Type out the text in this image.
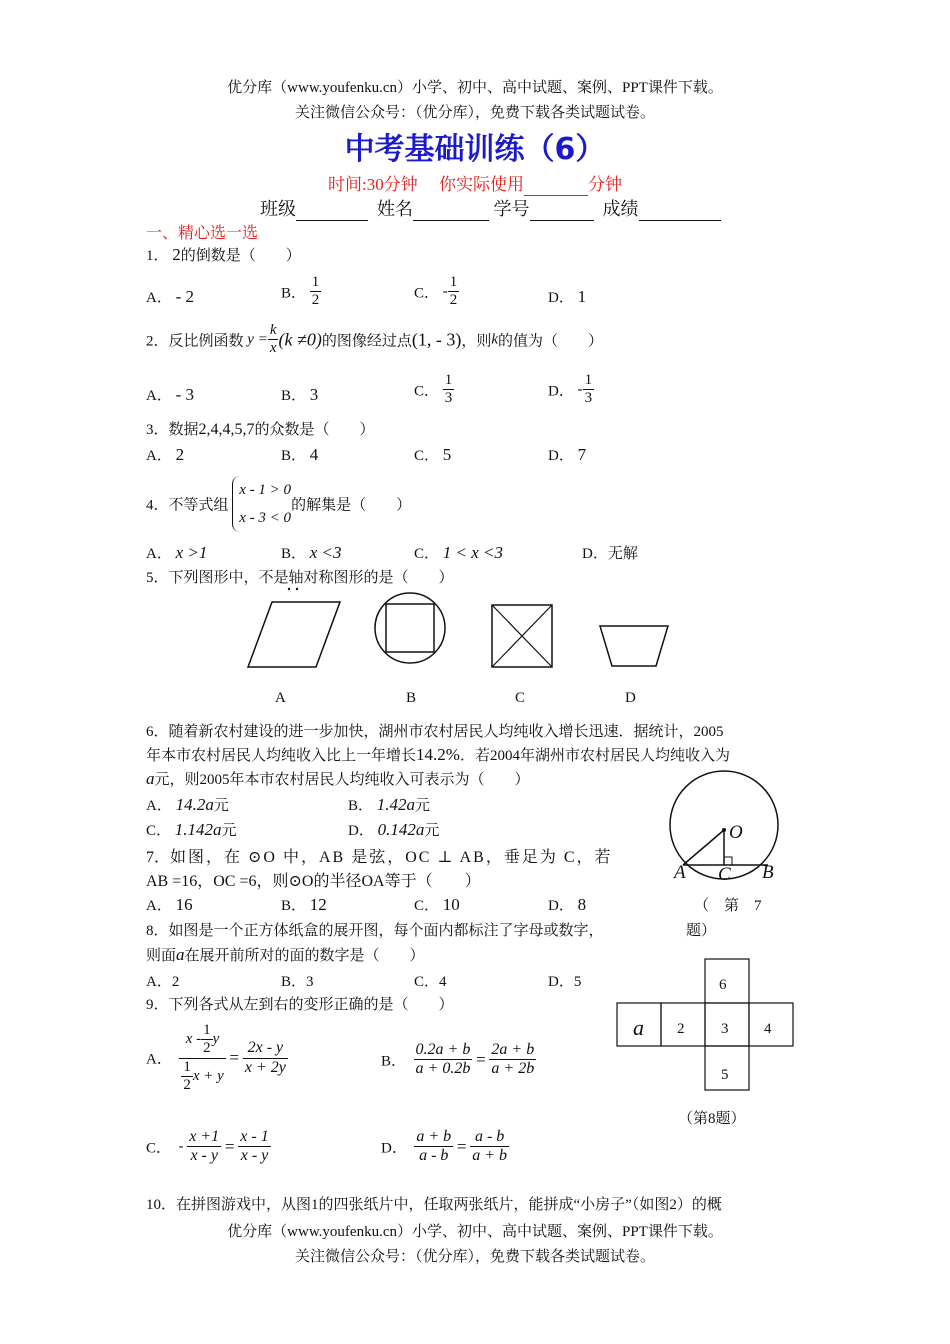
优分库（www.youfenku.cn）小学、初中、高中试题、案例、PPT课件下载。
关注微信公众号：（优分库），免费下载各类试题试卷。
中考基础训练（6）
时间:30分钟 你实际使用	分钟
班级	姓名	学号	成绩
一、精心选一选
1． 2的倒数是（　　）
A． - 2	B． $\frac{1}{2}$	C． - $\frac{1}{2}$	D． 1
2．反比例函数 $y = \frac{k}{x} (k \ne 0)$的图像经过点(1, - 3)，则k的值为（　　）
A． - 3	B． 3	C． $\frac{1}{3}$	D． - $\frac{1}{3}$
3．数据2,4,4,5,7的众数是（　　）
A． 2	B． 4	C． 5	D． 7
4．不等式组
x - 1 > 0
x - 3 < 0
的解集是（　　）
A． x >1	B． x <3	C． 1 < x <3	D．无解
5．下列图形中，不是轴对称图形的是（　　）
A	B	C	D
6．随着新农村建设的进一步加快，湖州市农村居民人均纯收入增长迅速．据统计，2005
年本市农村居民人均纯收入比上一年增长14.2%．若2004年湖州市农村居民人均纯收入为
a元，则2005年本市农村居民人均纯收入可表示为（　　）
A． 14.2a元	B． 1.42a元
C． 1.142a元	D． 0.142a元	O
A C B
（　第　7
题）
7．如图，在 ⊙O 中，AB 是弦，OC ⊥ AB，垂足为 C，若
AB =16，OC =6，则⊙O的半径OA等于（　　）
A． 16	B． 12	C． 10	D． 8
8．如图是一个正方体纸盒的展开图，每个面内都标注了字母或数字，
则面a在展开前所对的面的数字是（　　）
A．2	B．3	C．4	D．5	6
a 2 3 4
5
（第8题）
9．下列各式从左到右的变形正确的是（　　）
A． $\frac{x - \frac{1}{2} y}{\frac{1}{2} x + y} = \frac{2x - y}{x + 2y}$	B． $\frac{0.2a + b}{a + 0.2b} = \frac{2a + b}{a + 2b}$
C． - $\frac{x +1}{x - y} = \frac{x - 1}{x - y}$	D． $\frac{a + b}{a - b} = \frac{a - b}{a + b}$
10．在拼图游戏中，从图1的四张纸片中，任取两张纸片，能拼成“小房子”（如图2）的概
优分库（www.youfenku.cn）小学、初中、高中试题、案例、PPT课件下载。
关注微信公众号：（优分库），免费下载各类试题试卷。
